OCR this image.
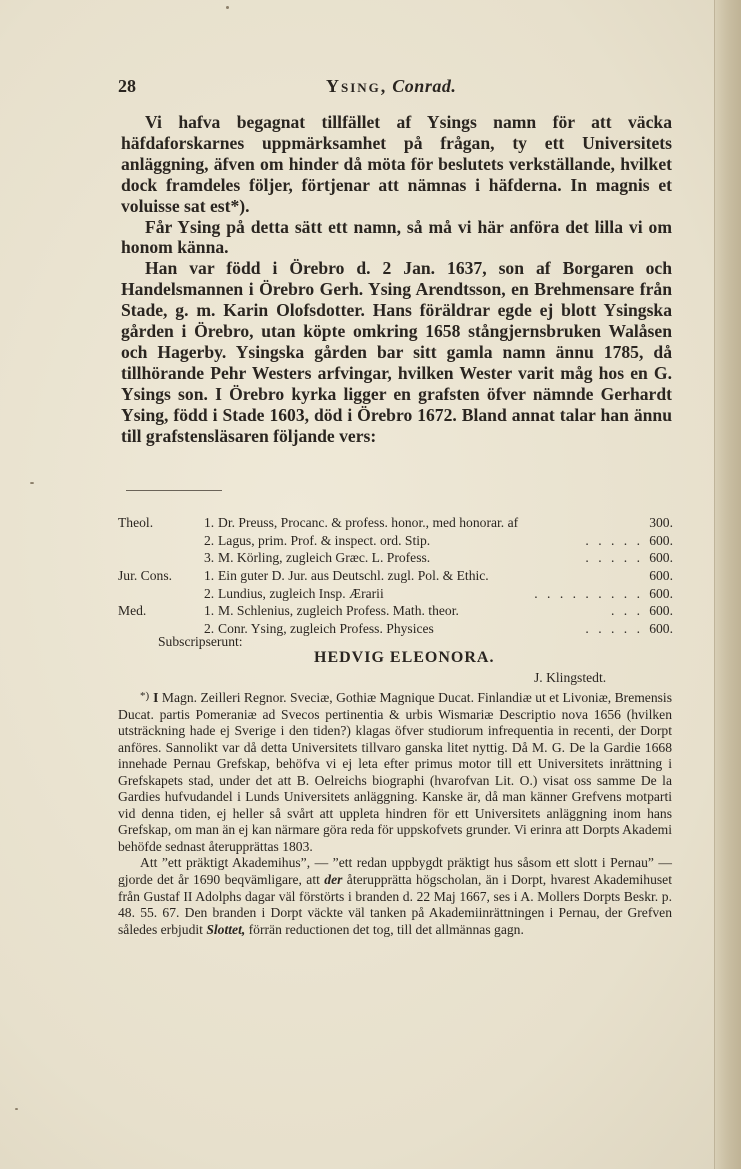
28	Ysing, Conrad.

Vi hafva begagnat tillfället af Ysings namn för att väcka häfdaforskarnes uppmärksamhet på frågan, ty ett Universitets anläggning, äfven om hinder då möta för beslutets verkställande, hvilket dock framdeles följer, förtjenar att nämnas i häfderna. In magnis et voluisse sat est*).

Får Ysing på detta sätt ett namn, så må vi här anföra det lilla vi om honom känna.

Han var född i Örebro d. 2 Jan. 1637, son af Borgaren och Handelsmannen i Örebro Gerh. Ysing Arendtsson, en Brehmensare från Stade, g. m. Karin Olofsdotter. Hans föräldrar egde ej blott Ysingska gården i Örebro, utan köpte omkring 1658 stångjernsbruken Walåsen och Hagerby. Ysingska gården bar sitt gamla namn ännu 1785, då tillhörande Pehr Westers arfvingar, hvilken Wester varit måg hos en G. Ysings son. I Örebro kyrka ligger en grafsten öfver nämnde Gerhardt Ysing, född i Stade 1603, död i Örebro 1672. Bland annat talar han ännu till grafstensläsaren följande vers:

Theol.	1. Dr. Preuss, Procanc. & profess. honor., med honorar. af	300.
2. Lagus, prim. Prof. & inspect. ord. Stip.	. . . . . 600.
3. M. Körling, zugleich Græc. L. Profess.	. . . . . 600.
Jur. Cons. 1. Ein guter D. Jur. aus Deutschl. zugl. Pol. & Ethic.	600.
2. Lundius, zugleich Insp. Ærarii	. . . . . . . . . 600.
Med.	1. M. Schlenius, zugleich Profess. Math. theor.	. . . 600.
2. Conr. Ysing, zugleich Profess. Physices	. . . . . 600.
Subscripserunt:
HEDVIG ELEONORA.
J. Klingstedt.

*) I Magn. Zeilleri Regnor. Sveciæ, Gothiæ Magnique Ducat. Finlandiæ ut et Livoniæ, Bremensis Ducat. partis Pomeraniæ ad Svecos pertinentia & urbis Wismariæ Descriptio nova 1656 (hvilken utsträckning hade ej Sverige i den tiden?) klagas öfver studiorum infrequentia in recenti, der Dorpt anföres. Sannolikt var då detta Universitets tillvaro ganska litet nyttig. Då M. G. De la Gardie 1668 innehade Pernau Grefskap, behöfva vi ej leta efter primus motor till ett Universitets inrättning i Grefskapets stad, under det att B. Oelreichs biographi (hvarofvan Lit. O.) visat oss samme De la Gardies hufvudandel i Lunds Universitets anläggning. Kanske är, då man känner Grefvens motparti vid denna tiden, ej heller så svårt att uppleta hindren för ett Universitets anläggning inom hans Grefskap, om man än ej kan närmare göra reda för uppskofvets grunder. Vi erinra att Dorpts Akademi behöfde sednast återupprättas 1803.

Att ”ett präktigt Akademihus”, — ”ett redan uppbygdt präktigt hus såsom ett slott i Pernau” — gjorde det år 1690 beqvämligare, att der återupprätta högscholan, än i Dorpt, hvarest Akademihuset från Gustaf II Adolphs dagar väl förstörts i branden d. 22 Maj 1667, ses i A. Mollers Dorpts Beskr. p. 48. 55. 67. Den branden i Dorpt väckte väl tanken på Akademiinrättningen i Pernau, der Grefven således erbjudit Slottet, förrän reductionen det tog, till det allmännas gagn.
